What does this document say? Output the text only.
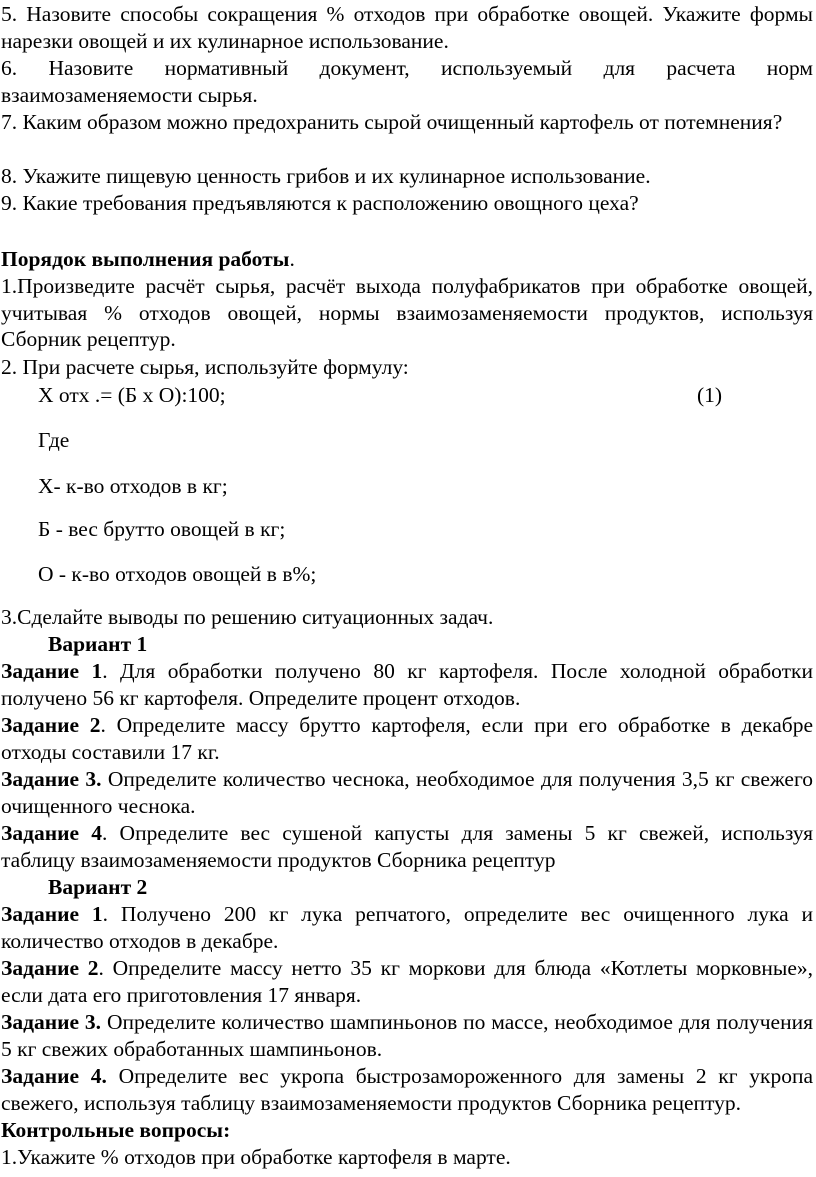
5. Назовите способы сокращения % отходов при обработке овощей. Укажите формы нарезки овощей и их кулинарное использование.

6. Назовите нормативный документ, используемый для расчета норм взаимозаменяемости сырья.

7. Каким образом можно предохранить сырой очищенный картофель от потемнения?

8. Укажите пищевую ценность грибов и их кулинарное использование.

9. Какие требования предъявляются к расположению овощного цеха?

Порядок выполнения работы.

1.Произведите расчёт сырья, расчёт выхода полуфабрикатов при обработке овощей, учитывая % отходов овощей, нормы взаимозаменяемости продуктов, используя Сборник рецептур.

2. При расчете сырья, используйте формулу:

Х отх .= (Б х О):100;	(1)

Где

Х- к-во отходов в кг;

Б - вес брутто овощей в кг;

О - к-во отходов овощей в в%;

3.Сделайте выводы по решению ситуационных задач.

Вариант 1

Задание 1. Для обработки получено 80 кг картофеля. После холодной обработки получено 56 кг картофеля. Определите процент отходов.

Задание 2. Определите массу брутто картофеля, если при его обработке в декабре отходы составили 17 кг.

Задание 3. Определите количество чеснока, необходимое для получения 3,5 кг свежего очищенного чеснока.

Задание 4. Определите вес сушеной капусты для замены 5 кг свежей, используя таблицу взаимозаменяемости продуктов Сборника рецептур

Вариант 2

Задание 1. Получено 200 кг лука репчатого, определите вес очищенного лука и количество отходов в декабре.

Задание 2. Определите массу нетто 35 кг моркови для блюда «Котлеты морковные», если дата его приготовления 17 января.

Задание 3. Определите количество шампиньонов по массе, необходимое для получения 5 кг свежих обработанных шампиньонов.

Задание 4. Определите вес укропа быстрозамороженного для замены 2 кг укропа свежего, используя таблицу взаимозаменяемости продуктов Сборника рецептур.

Контрольные вопросы:

1.Укажите % отходов при обработке картофеля в марте.
